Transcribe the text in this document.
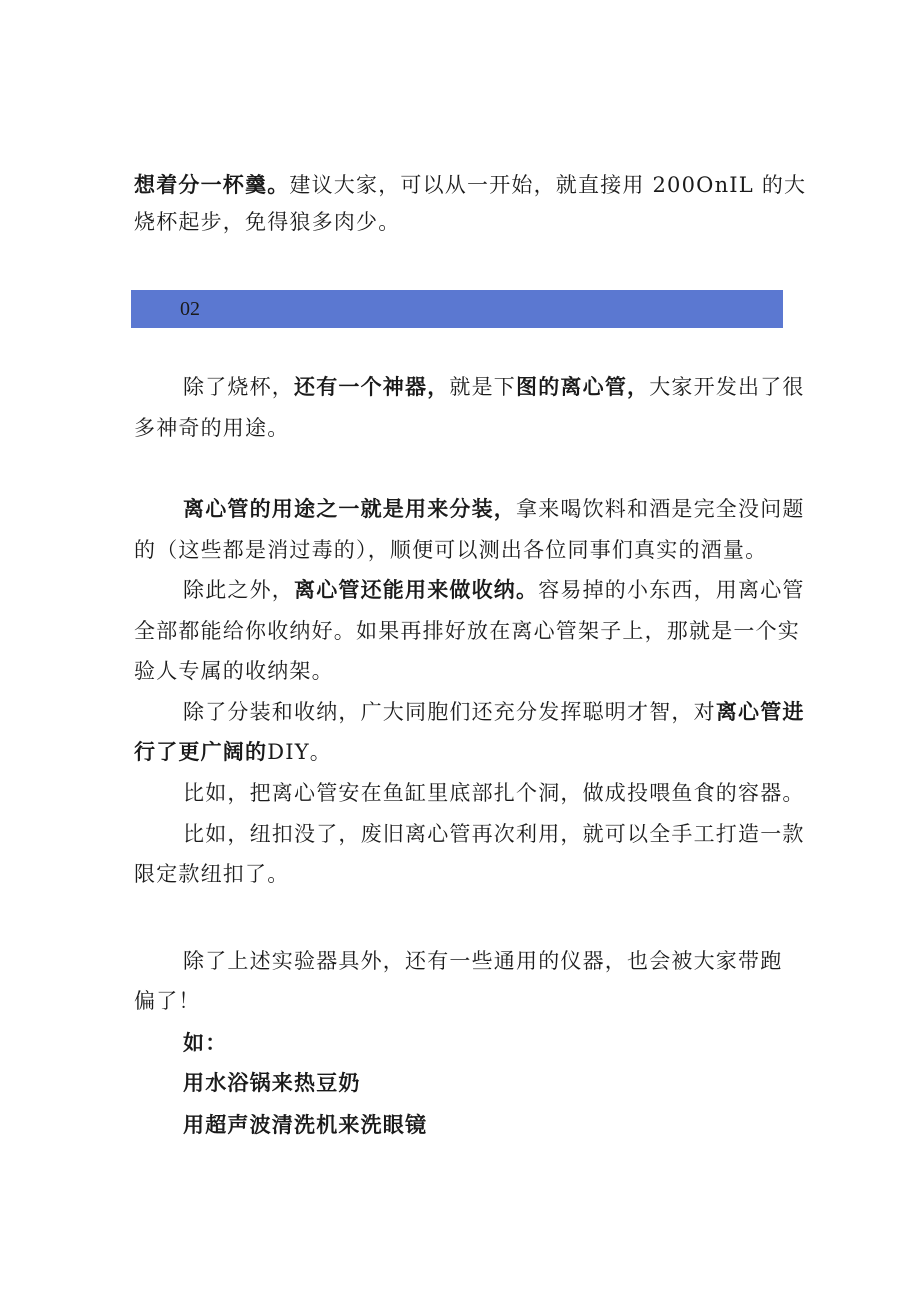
想着分一杯羹。建议大家，可以从一开始，就直接用 200OnIL 的大
烧杯起步，免得狼多肉少。
02
除了烧杯，还有一个神器，就是下图的离心管，大家开发出了很
多神奇的用途。
离心管的用途之一就是用来分装，拿来喝饮料和酒是完全没问题
的（这些都是消过毒的），顺便可以测出各位同事们真实的酒量。
除此之外，离心管还能用来做收纳。容易掉的小东西，用离心管
全部都能给你收纳好。如果再排好放在离心管架子上，那就是一个实
验人专属的收纳架。
除了分装和收纳，广大同胞们还充分发挥聪明才智，对离心管进
行了更广阔的DIY。
比如，把离心管安在鱼缸里底部扎个洞，做成投喂鱼食的容器。
比如，纽扣没了，废旧离心管再次利用，就可以全手工打造一款
限定款纽扣了。
除了上述实验器具外，还有一些通用的仪器，也会被大家带跑
偏了！
如：
用水浴锅来热豆奶
用超声波清洗机来洗眼镜
